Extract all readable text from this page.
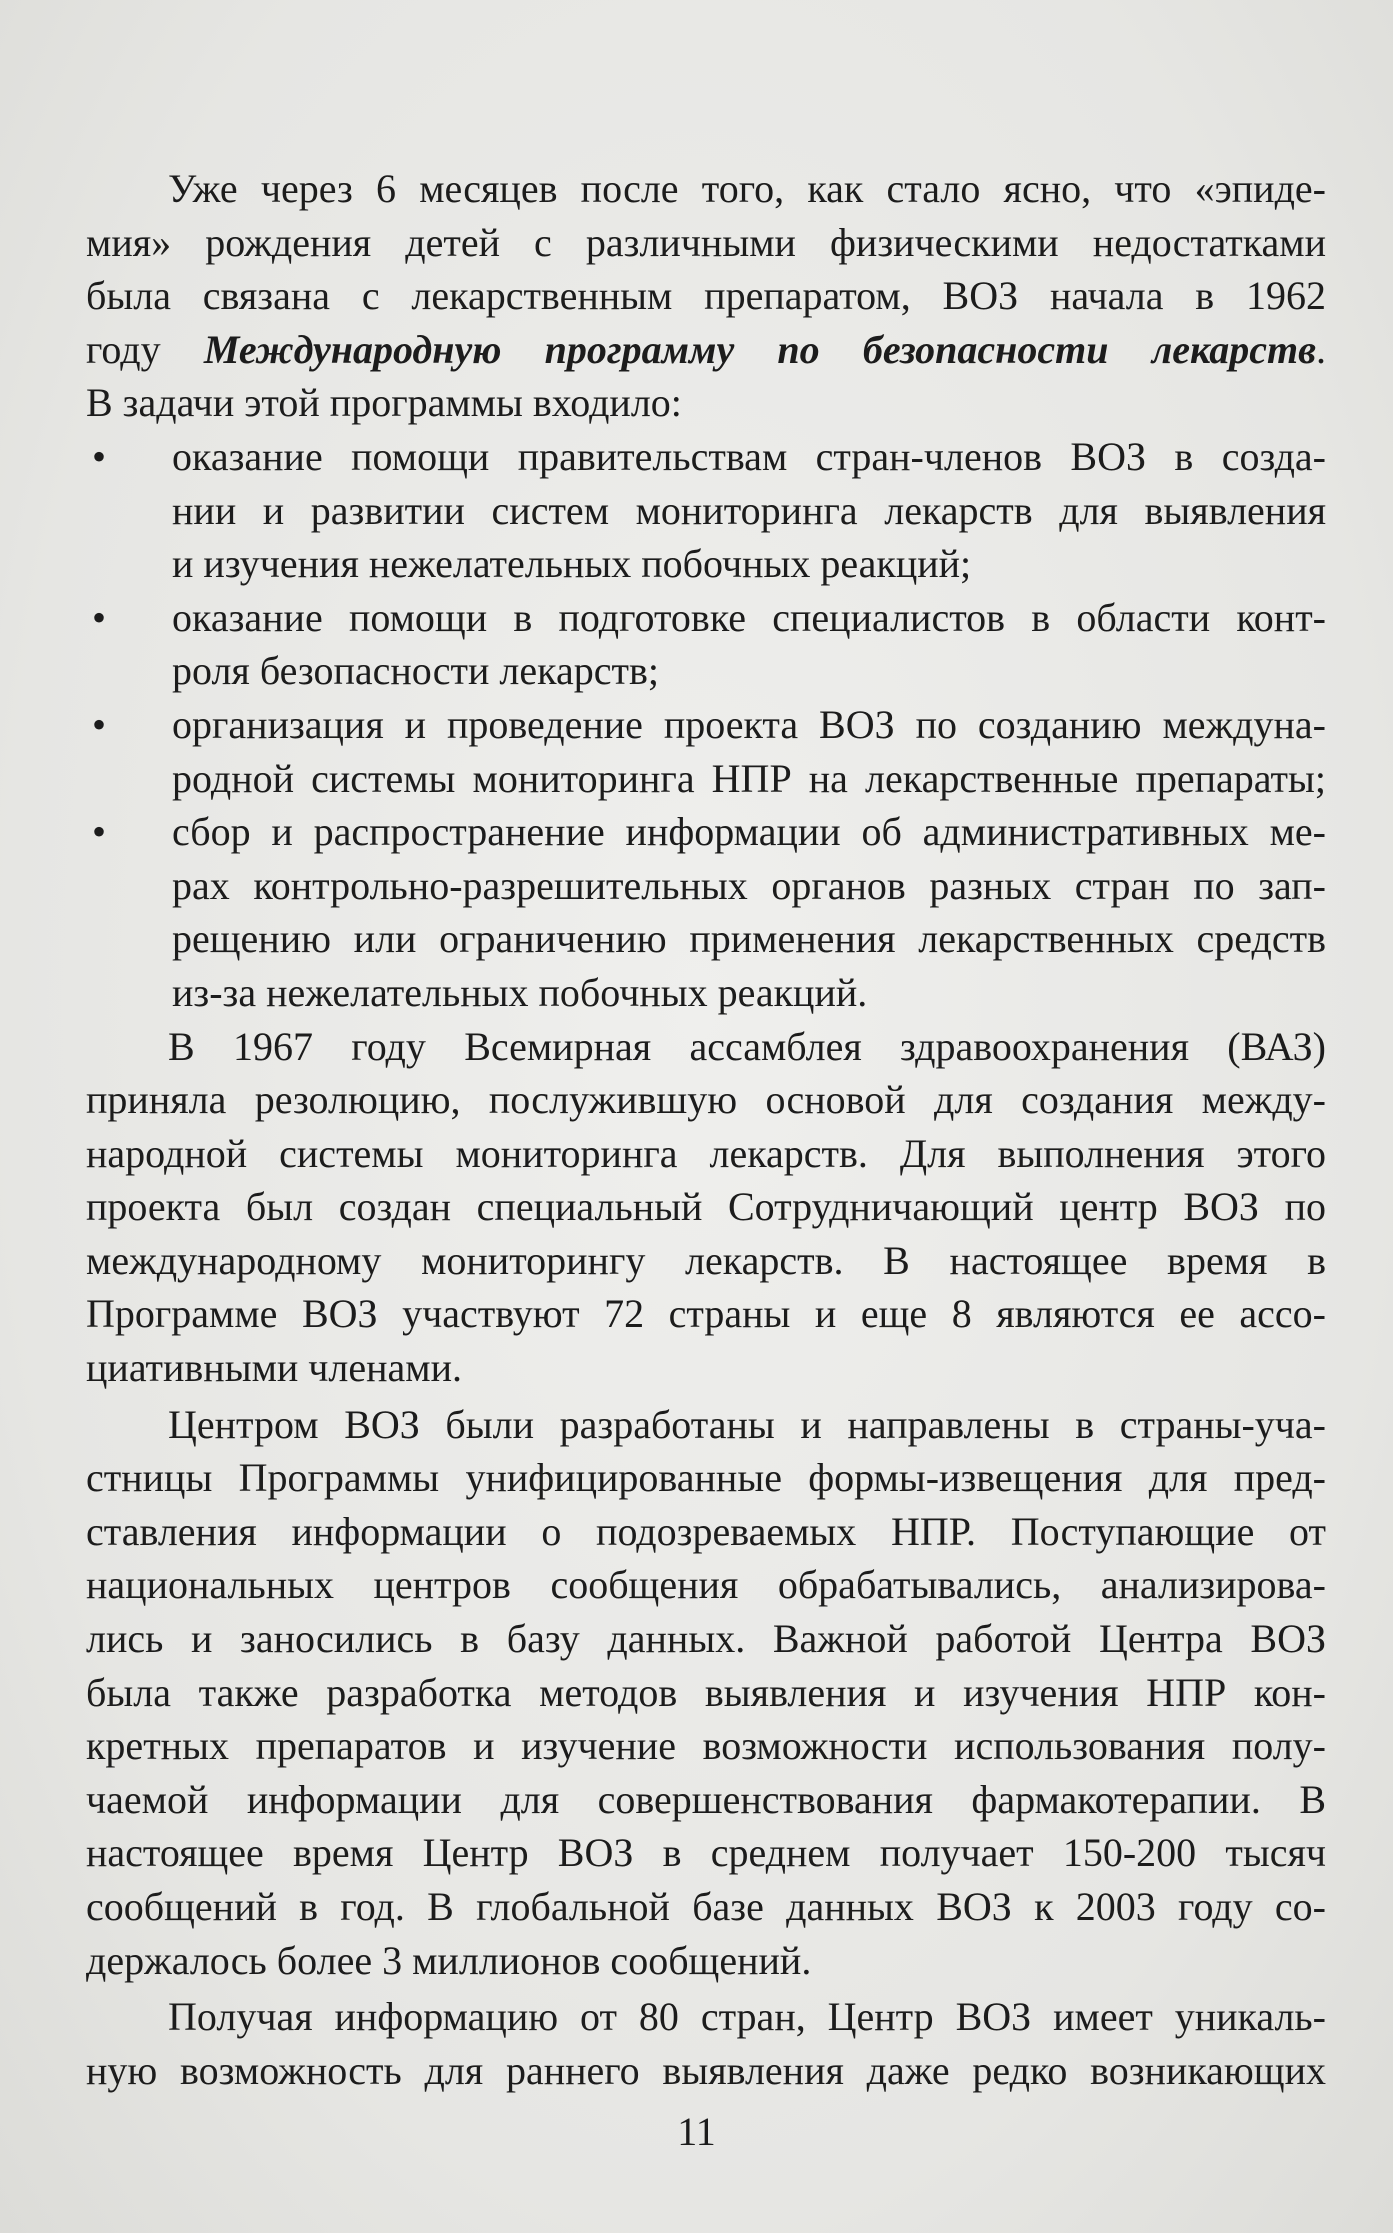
Уже через 6 месяцев после того, как стало ясно, что «эпиде-
мия» рождения детей с различными физическими недостатками
была связана с лекарственным препаратом, ВОЗ начала в 1962
году Международную программу по безопасности лекарств.
В задачи этой программы входило:
• оказание помощи правительствам стран-членов ВОЗ в созда-
нии и развитии систем мониторинга лекарств для выявления
и изучения нежелательных побочных реакций;
• оказание помощи в подготовке специалистов в области конт-
роля безопасности лекарств;
• организация и проведение проекта ВОЗ по созданию междуна-
родной системы мониторинга НПР на лекарственные препараты;
• сбор и распространение информации об административных ме-
рах контрольно-разрешительных органов разных стран по зап-
рещению или ограничению применения лекарственных средств
из-за нежелательных побочных реакций.
В 1967 году Всемирная ассамблея здравоохранения (ВАЗ)
приняла резолюцию, послужившую основой для создания между-
народной системы мониторинга лекарств. Для выполнения этого
проекта был создан специальный Сотрудничающий центр ВОЗ по
международному мониторингу лекарств. В настоящее время в
Программе ВОЗ участвуют 72 страны и еще 8 являются ее ассо-
циативными членами.
Центром ВОЗ были разработаны и направлены в страны-уча-
стницы Программы унифицированные формы-извещения для пред-
ставления информации о подозреваемых НПР. Поступающие от
национальных центров сообщения обрабатывались, анализирова-
лись и заносились в базу данных. Важной работой Центра ВОЗ
была также разработка методов выявления и изучения НПР кон-
кретных препаратов и изучение возможности использования полу-
чаемой информации для совершенствования фармакотерапии. В
настоящее время Центр ВОЗ в среднем получает 150-200 тысяч
сообщений в год. В глобальной базе данных ВОЗ к 2003 году со-
держалось более 3 миллионов сообщений.
Получая информацию от 80 стран, Центр ВОЗ имеет уникаль-
ную возможность для раннего выявления даже редко возникающих
11
